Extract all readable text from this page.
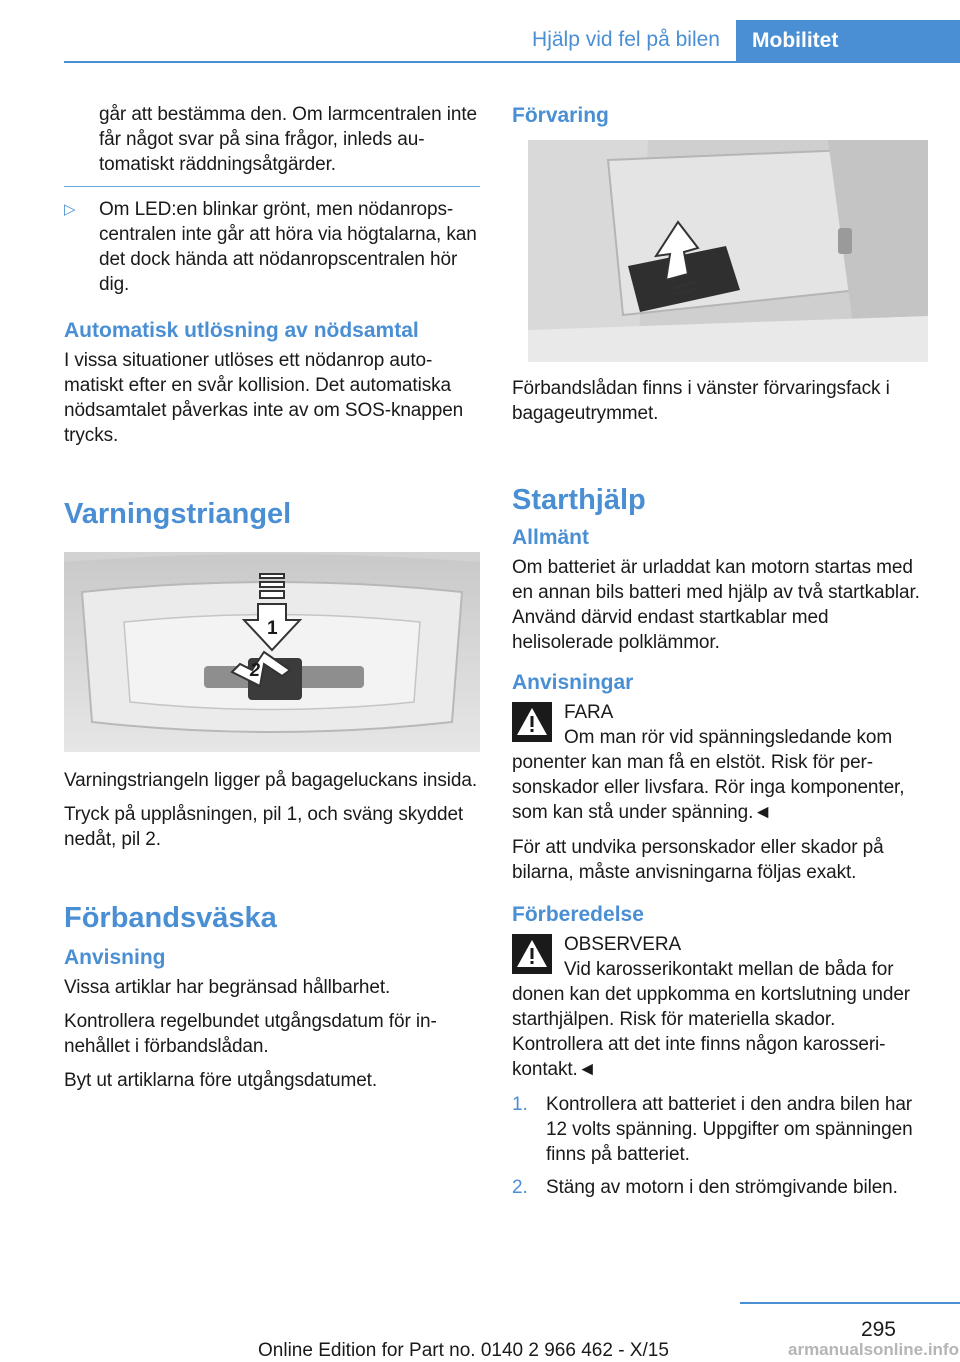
Hjälp vid fel på bilen	Mobilitet

går att bestämma den. Om larmcentralen inte får något svar på sina frågor, inleds automatiskt räddningsåtgärder.

▷ Om LED:en blinkar grönt, men nödanropscentralen inte går att höra via högtalarna, kan det dock hända att nödanropscentralen hör dig.
Automatisk utlösning av nödsamtal

I vissa situationer utlöses ett nödanrop automatiskt efter en svår kollision. Det automatiska nödsamtalet påverkas inte av om SOS-knappen trycks.

Varningstriangel
1
2

Varningstriangeln ligger på bagageluckans insida.

Tryck på upplåsningen, pil 1, och sväng skyddet nedåt, pil 2.

Förbandsväska
Anvisning

Vissa artiklar har begränsad hållbarhet.

Kontrollera regelbundet utgångsdatum för innehållet i förbandslådan.

Byt ut artiklarna före utgångsdatumet.

Förvaring

Förbandslådan finns i vänster förvaringsfack i bagageutrymmet.

Starthjälp
Allmänt

Om batteriet är urladdat kan motorn startas med en annan bils batteri med hjälp av två startkablar. Använd därvid endast startkablar med helisolerade polklämmor.

Anvisningar

FARA

Om man rör vid spänningsledande kom

ponenter kan man få en elstöt. Risk för personskador eller livsfara. Rör inga komponenter, som kan stå under spänning.◄

För att undvika personskador eller skador på bilarna, måste anvisningarna följas exakt.

Förberedelse

OBSERVERA

Vid karosserikontakt mellan de båda for

donen kan det uppkomma en kortslutning under starthjälpen. Risk för materiella skador. Kontrollera att det inte finns någon karosserikontakt.◄

1. Kontrollera att batteriet i den andra bilen har 12 volts spänning. Uppgifter om spänningen finns på batteriet.
2. Stäng av motorn i den strömgivande bilen.
295
Online Edition for Part no. 0140 2 966 462 - X/15	armanualsonline.info
